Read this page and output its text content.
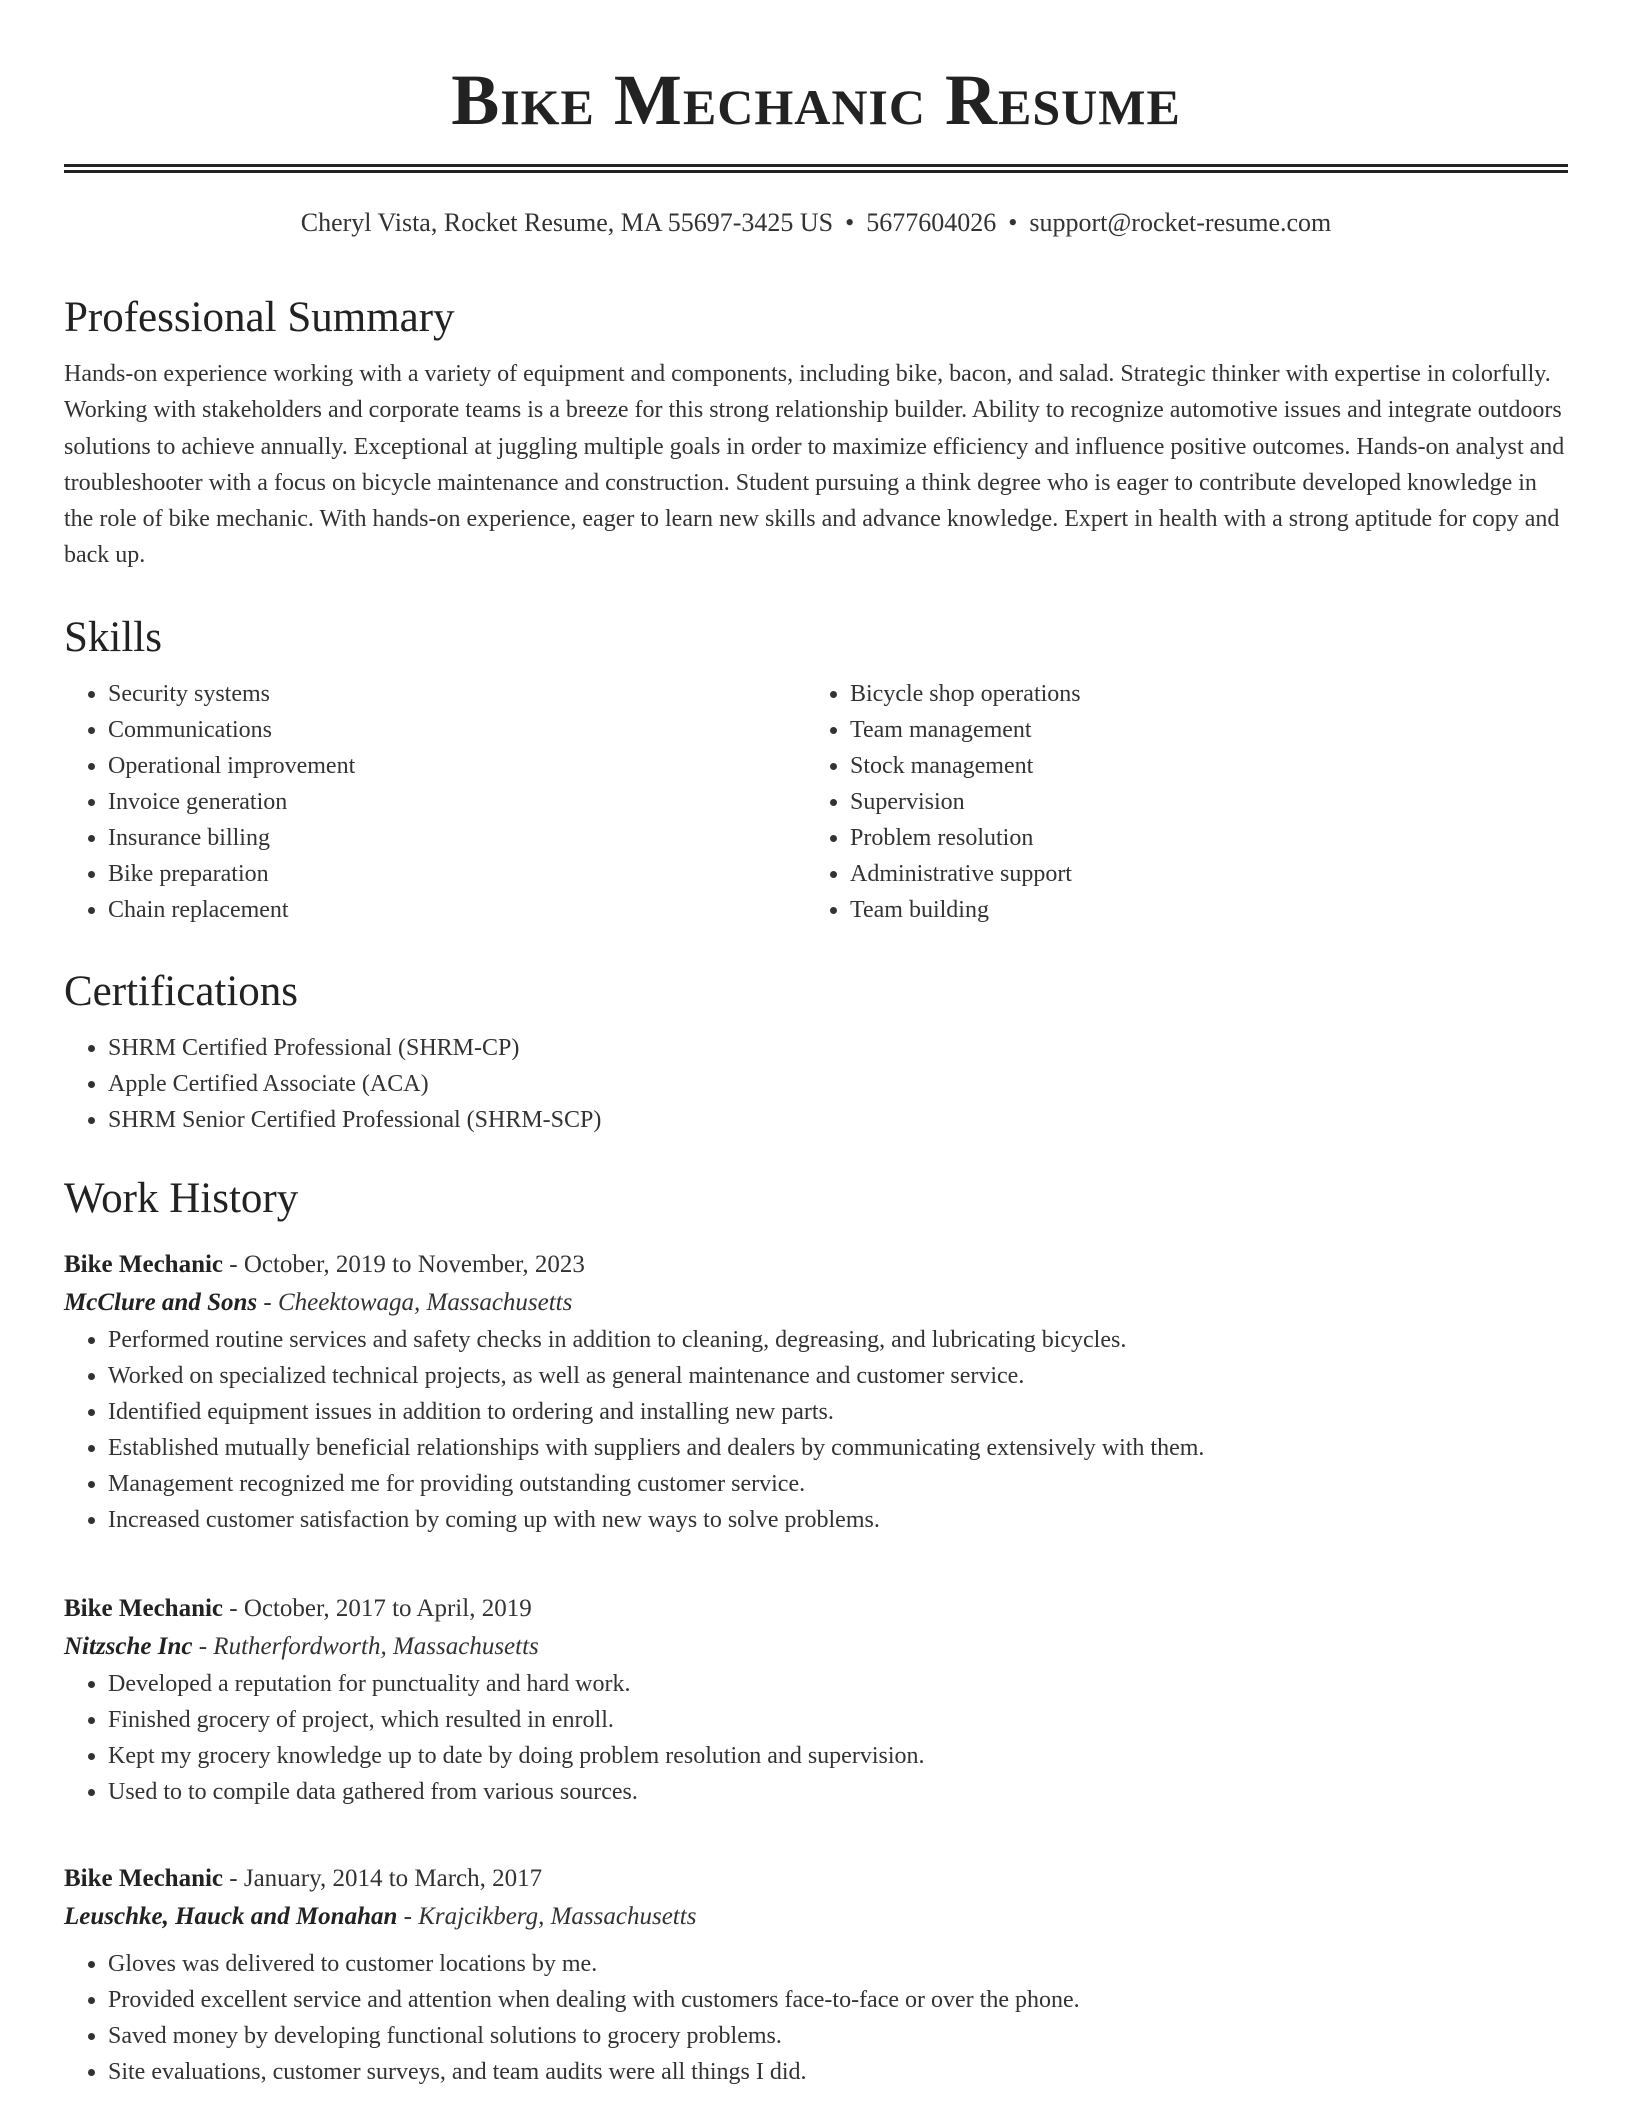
Bike Mechanic Resume
Cheryl Vista, Rocket Resume, MA 55697-3425 US • 5677604026 • support@rocket-resume.com
Professional Summary

Hands-on experience working with a variety of equipment and components, including bike, bacon, and salad. Strategic thinker with expertise in colorfully. Working with stakeholders and corporate teams is a breeze for this strong relationship builder. Ability to recognize automotive issues and integrate outdoors solutions to achieve annually. Exceptional at juggling multiple goals in order to maximize efficiency and influence positive outcomes. Hands-on analyst and troubleshooter with a focus on bicycle maintenance and construction. Student pursuing a think degree who is eager to contribute developed knowledge in the role of bike mechanic. With hands-on experience, eager to learn new skills and advance knowledge. Expert in health with a strong aptitude for copy and back up.

Skills
• Security systems
• Communications
• Operational improvement
• Invoice generation
• Insurance billing
• Bike preparation
• Chain replacement
• Bicycle shop operations
• Team management
• Stock management
• Supervision
• Problem resolution
• Administrative support
• Team building
Certifications
• SHRM Certified Professional (SHRM-CP)
• Apple Certified Associate (ACA)
• SHRM Senior Certified Professional (SHRM-SCP)
Work History
Bike Mechanic - October, 2019 to November, 2023
McClure and Sons - Cheektowaga, Massachusetts
• Performed routine services and safety checks in addition to cleaning, degreasing, and lubricating bicycles.
• Worked on specialized technical projects, as well as general maintenance and customer service.
• Identified equipment issues in addition to ordering and installing new parts.
• Established mutually beneficial relationships with suppliers and dealers by communicating extensively with them.
• Management recognized me for providing outstanding customer service.
• Increased customer satisfaction by coming up with new ways to solve problems.
Bike Mechanic - October, 2017 to April, 2019
Nitzsche Inc - Rutherfordworth, Massachusetts
• Developed a reputation for punctuality and hard work.
• Finished grocery of project, which resulted in enroll.
• Kept my grocery knowledge up to date by doing problem resolution and supervision.
• Used to to compile data gathered from various sources.
Bike Mechanic - January, 2014 to March, 2017
Leuschke, Hauck and Monahan - Krajcikberg, Massachusetts
• Gloves was delivered to customer locations by me.
• Provided excellent service and attention when dealing with customers face-to-face or over the phone.
• Saved money by developing functional solutions to grocery problems.
• Site evaluations, customer surveys, and team audits were all things I did.
